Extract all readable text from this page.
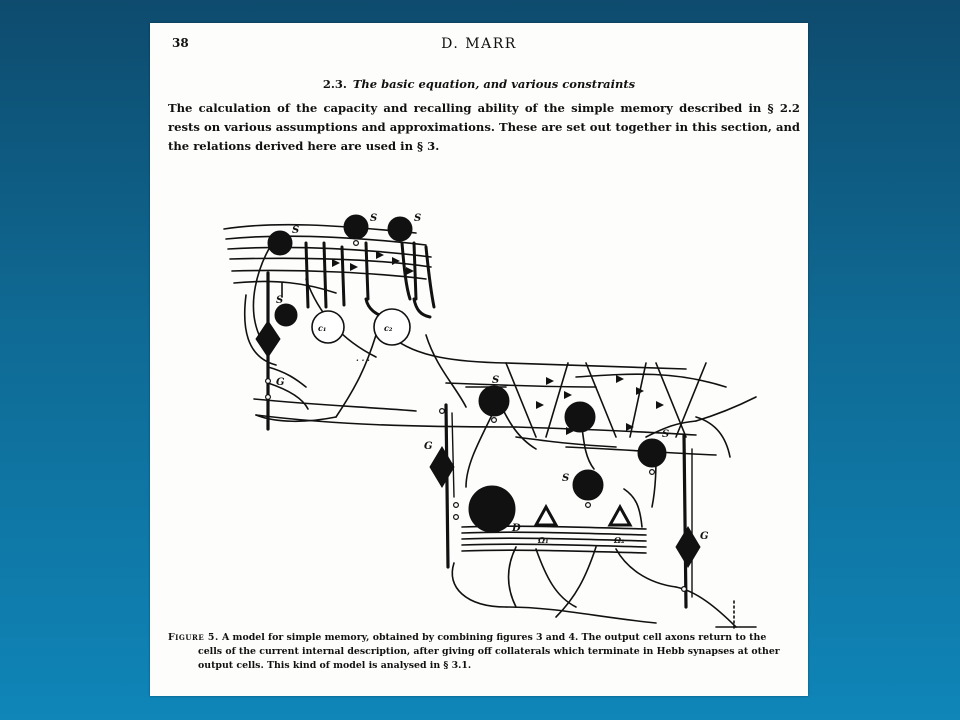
38	D. MARR
2.3. The basic equation, and various constraints
The calculation of the capacity and recalling ability of the simple memory described in § 2.2 rests on various assumptions and approximations. These are set out together in this section, and the relations derived here are used in § 3.
S
S	S
S
S
S
S
c₁	c₂
G
G
G
D
Ω₁	Ω₂
· · ·
Figure 5. A model for simple memory, obtained by combining figures 3 and 4. The output cell axons return to the
cells of the current internal description, after giving off collaterals which terminate in Hebb synapses at other
output cells. This kind of model is analysed in § 3.1.
